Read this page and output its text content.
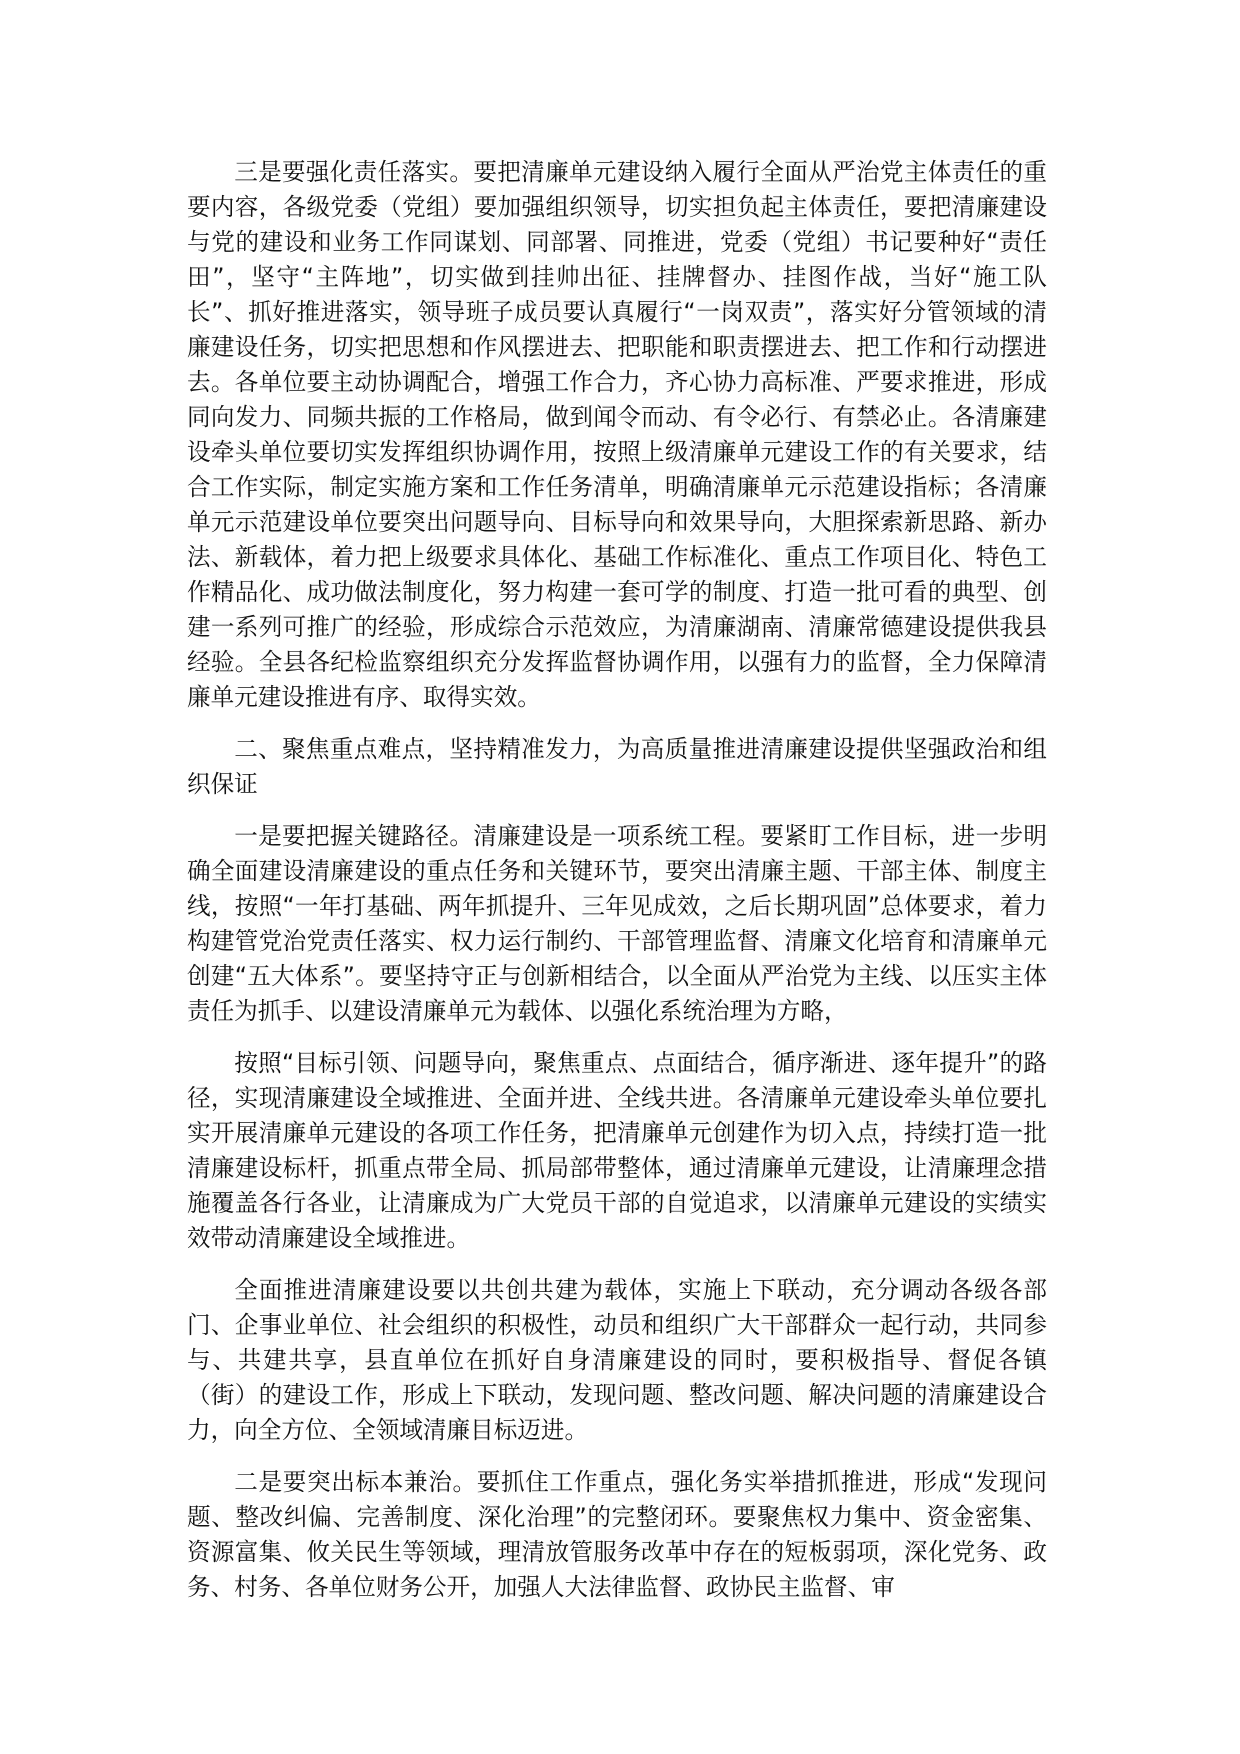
三是要强化责任落实。要把清廉单元建设纳入履行全面从严治党主体责任的重要内容，各级党委（党组）要加强组织领导，切实担负起主体责任，要把清廉建设与党的建设和业务工作同谋划、同部署、同推进，党委（党组）书记要种好“责任田”，坚守“主阵地”，切实做到挂帅出征、挂牌督办、挂图作战，当好“施工队长”、抓好推进落实，领导班子成员要认真履行“一岗双责”，落实好分管领域的清廉建设任务，切实把思想和作风摆进去、把职能和职责摆进去、把工作和行动摆进去。各单位要主动协调配合，增强工作合力，齐心协力高标准、严要求推进，形成同向发力、同频共振的工作格局，做到闻令而动、有令必行、有禁必止。各清廉建设牵头单位要切实发挥组织协调作用，按照上级清廉单元建设工作的有关要求，结合工作实际，制定实施方案和工作任务清单，明确清廉单元示范建设指标；各清廉单元示范建设单位要突出问题导向、目标导向和效果导向，大胆探索新思路、新办法、新载体，着力把上级要求具体化、基础工作标准化、重点工作项目化、特色工作精品化、成功做法制度化，努力构建一套可学的制度、打造一批可看的典型、创建一系列可推广的经验，形成综合示范效应，为清廉湖南、清廉常德建设提供我县经验。全县各纪检监察组织充分发挥监督协调作用，以强有力的监督，全力保障清廉单元建设推进有序、取得实效。

二、聚焦重点难点，坚持精准发力，为高质量推进清廉建设提供坚强政治和组织保证

一是要把握关键路径。清廉建设是一项系统工程。要紧盯工作目标，进一步明确全面建设清廉建设的重点任务和关键环节，要突出清廉主题、干部主体、制度主线，按照“一年打基础、两年抓提升、三年见成效，之后长期巩固”总体要求，着力构建管党治党责任落实、权力运行制约、干部管理监督、清廉文化培育和清廉单元创建“五大体系”。要坚持守正与创新相结合，以全面从严治党为主线、以压实主体责任为抓手、以建设清廉单元为载体、以强化系统治理为方略，

按照“目标引领、问题导向，聚焦重点、点面结合，循序渐进、逐年提升”的路径，实现清廉建设全域推进、全面并进、全线共进。各清廉单元建设牵头单位要扎实开展清廉单元建设的各项工作任务，把清廉单元创建作为切入点，持续打造一批清廉建设标杆，抓重点带全局、抓局部带整体，通过清廉单元建设，让清廉理念措施覆盖各行各业，让清廉成为广大党员干部的自觉追求，以清廉单元建设的实绩实效带动清廉建设全域推进。

全面推进清廉建设要以共创共建为载体，实施上下联动，充分调动各级各部门、企事业单位、社会组织的积极性，动员和组织广大干部群众一起行动，共同参与、共建共享，县直单位在抓好自身清廉建设的同时，要积极指导、督促各镇（街）的建设工作，形成上下联动，发现问题、整改问题、解决问题的清廉建设合力，向全方位、全领域清廉目标迈进。

二是要突出标本兼治。要抓住工作重点，强化务实举措抓推进，形成“发现问题、整改纠偏、完善制度、深化治理”的完整闭环。要聚焦权力集中、资金密集、资源富集、攸关民生等领域，理清放管服务改革中存在的短板弱项，深化党务、政务、村务、各单位财务公开，加强人大法律监督、政协民主监督、审
